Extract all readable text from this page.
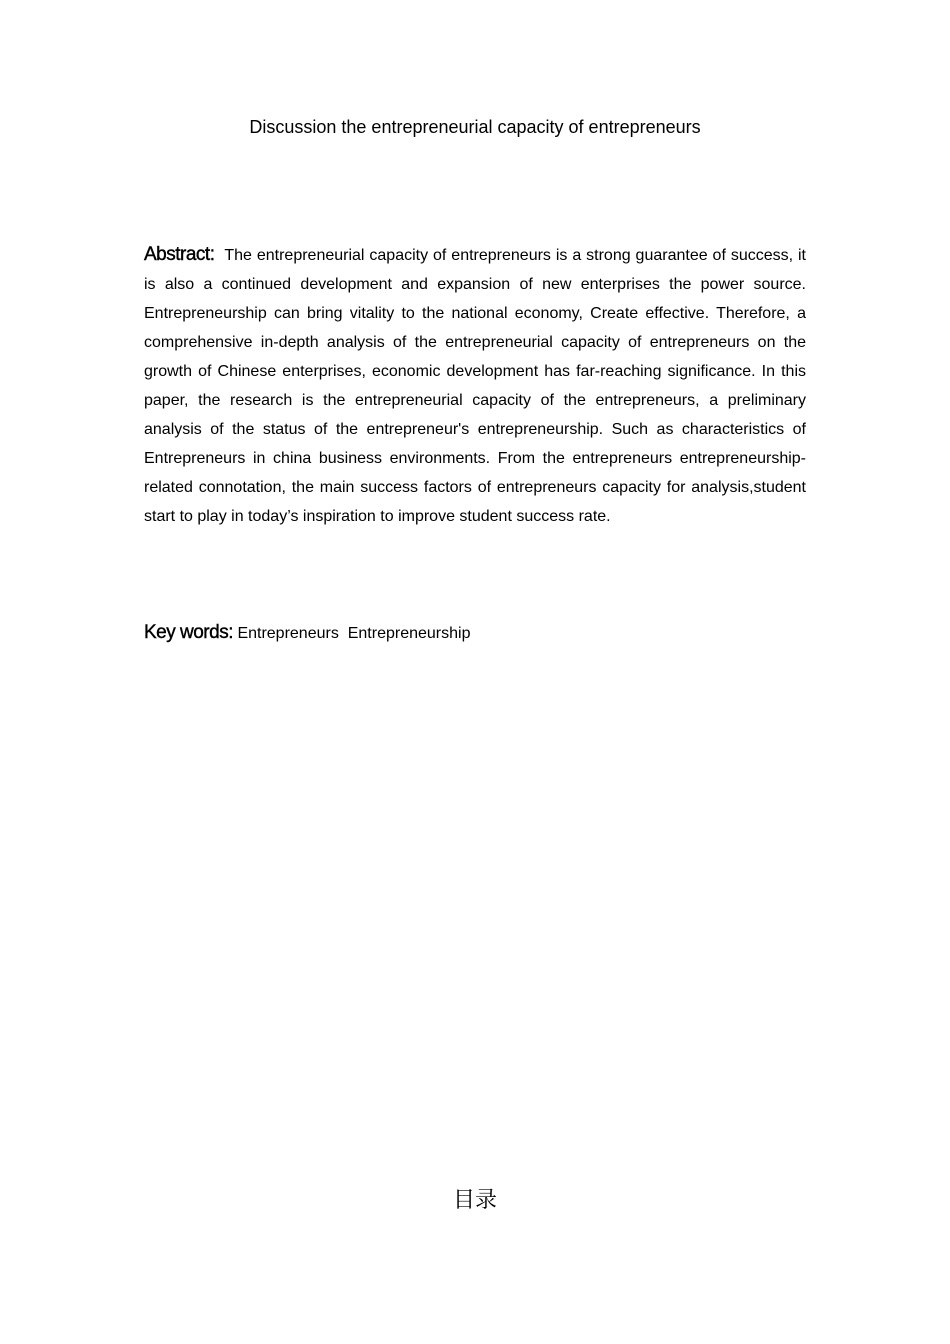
Discussion the entrepreneurial capacity of entrepreneurs

Abstract: The entrepreneurial capacity of entrepreneurs is a strong guarantee of success, it is also a continued development and expansion of new enterprises the power source. Entrepreneurship can bring vitality to the national economy, Create effective. Therefore, a comprehensive in-depth analysis of the entrepreneurial capacity of entrepreneurs on the growth of Chinese enterprises, economic development has far-reaching significance. In this paper, the research is the entrepreneurial capacity of the entrepreneurs, a preliminary analysis of the status of the entrepreneur's entrepreneurship. Such as characteristics of Entrepreneurs in china business environments. From the entrepreneurs entrepreneurship-related connotation, the main success factors of entrepreneurs capacity for analysis,student start to play in today’s inspiration to improve student success rate.

Key words: Entrepreneurs  Entrepreneurship

目录
